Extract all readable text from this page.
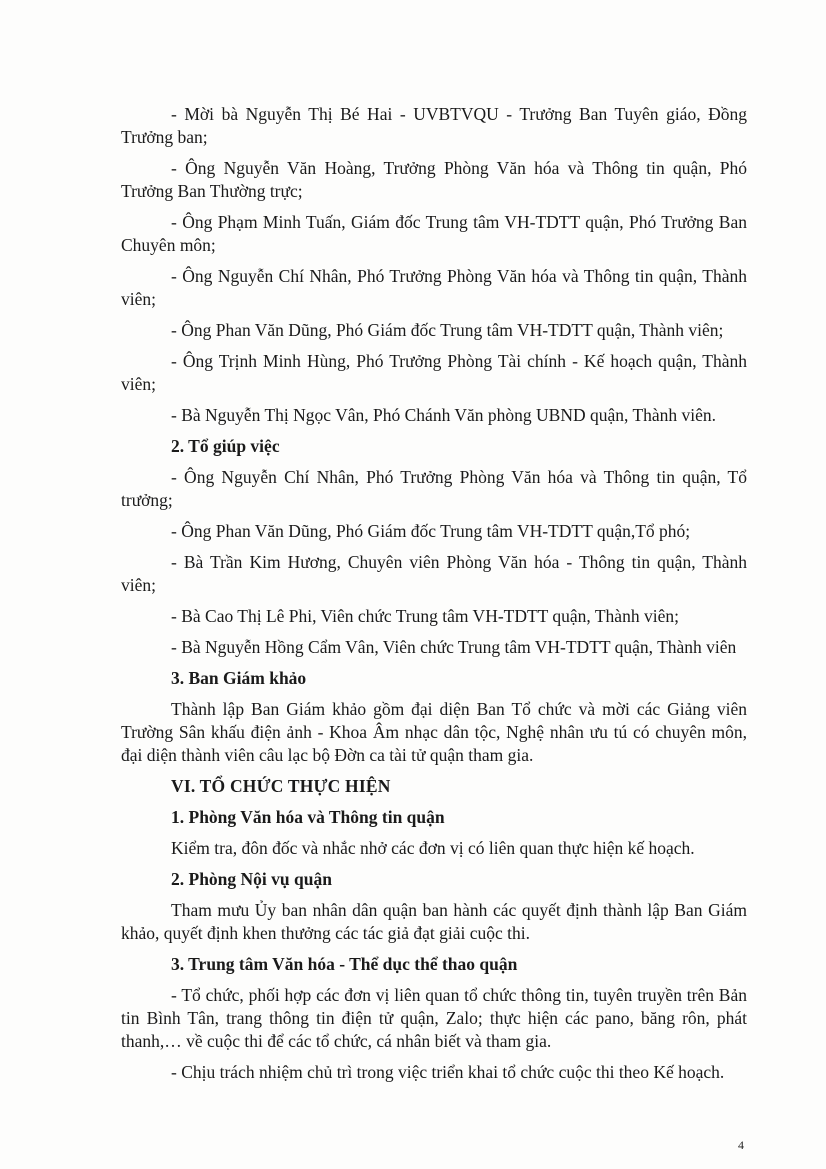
- Mời bà Nguyễn Thị Bé Hai - UVBTVQU - Trưởng Ban Tuyên giáo, Đồng Trưởng ban;

- Ông Nguyễn Văn Hoàng, Trưởng Phòng Văn hóa và Thông tin quận, Phó Trưởng Ban Thường trực;

- Ông Phạm Minh Tuấn, Giám đốc Trung tâm VH-TDTT quận, Phó Trưởng Ban Chuyên môn;

- Ông Nguyễn Chí Nhân, Phó Trưởng Phòng Văn hóa và Thông tin quận, Thành viên;

- Ông Phan Văn Dũng, Phó Giám đốc Trung tâm VH-TDTT quận, Thành viên;

- Ông Trịnh Minh Hùng, Phó Trưởng Phòng Tài chính - Kế hoạch quận, Thành viên;

- Bà Nguyễn Thị Ngọc Vân, Phó Chánh Văn phòng UBND quận, Thành viên.

2. Tổ giúp việc

- Ông Nguyễn Chí Nhân, Phó Trưởng Phòng Văn hóa và Thông tin quận, Tổ trưởng;

- Ông Phan Văn Dũng, Phó Giám đốc Trung tâm VH-TDTT quận,Tổ phó;

- Bà Trần Kim Hương, Chuyên viên Phòng Văn hóa - Thông tin quận, Thành viên;

- Bà Cao Thị Lê Phi, Viên chức Trung tâm VH-TDTT quận, Thành viên;

- Bà Nguyễn Hồng Cẩm Vân, Viên chức Trung tâm VH-TDTT quận, Thành viên

3. Ban Giám khảo

Thành lập Ban Giám khảo gồm đại diện Ban Tổ chức và mời các Giảng viên Trường Sân khấu điện ảnh - Khoa Âm nhạc dân tộc, Nghệ nhân ưu tú có chuyên môn, đại diện thành viên câu lạc bộ Đờn ca tài tử quận tham gia.

VI. TỔ CHỨC THỰC HIỆN

1. Phòng Văn hóa và Thông tin quận

Kiểm tra, đôn đốc và nhắc nhở các đơn vị có liên quan thực hiện kế hoạch.

2. Phòng Nội vụ quận

Tham mưu Ủy ban nhân dân quận ban hành các quyết định thành lập Ban Giám khảo, quyết định khen thưởng các tác giả đạt giải cuộc thi.

3. Trung tâm Văn hóa - Thể dục thể thao quận

- Tổ chức, phối hợp các đơn vị liên quan tổ chức thông tin, tuyên truyền trên Bản tin Bình Tân, trang thông tin điện tử quận, Zalo; thực hiện các pano, băng rôn, phát thanh,… về cuộc thi để các tổ chức, cá nhân biết và tham gia.

- Chịu trách nhiệm chủ trì trong việc triển khai tổ chức cuộc thi theo Kế hoạch.

4
